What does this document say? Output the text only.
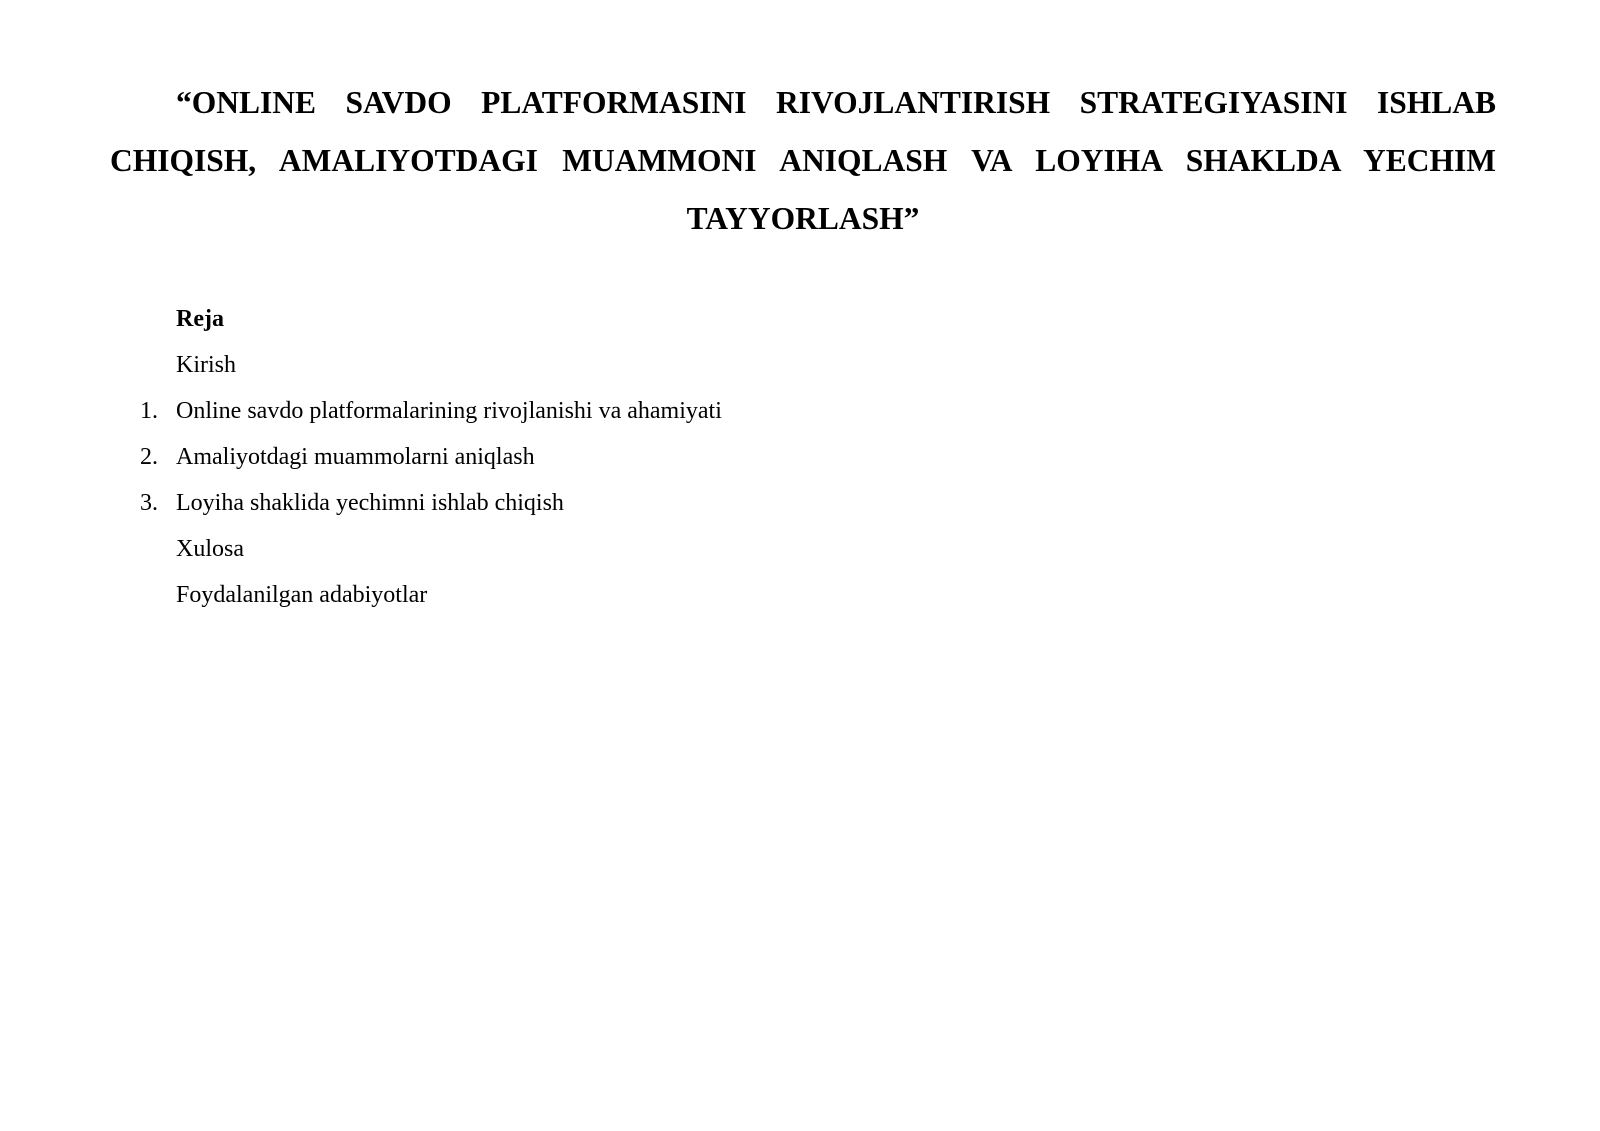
“ONLINE SAVDO PLATFORMASINI RIVOJLANTIRISH STRATEGIYASINI ISHLAB CHIQISH, AMALIYOTDAGI MUAMMONI ANIQLASH VA LOYIHA SHAKLDA YECHIM TAYYORLASH”
Reja
Kirish
1. Online savdo platformalarining rivojlanishi va ahamiyati
2. Amaliyotdagi muammolarni aniqlash
3. Loyiha shaklida yechimni ishlab chiqish
Xulosa
Foydalanilgan adabiyotlar
